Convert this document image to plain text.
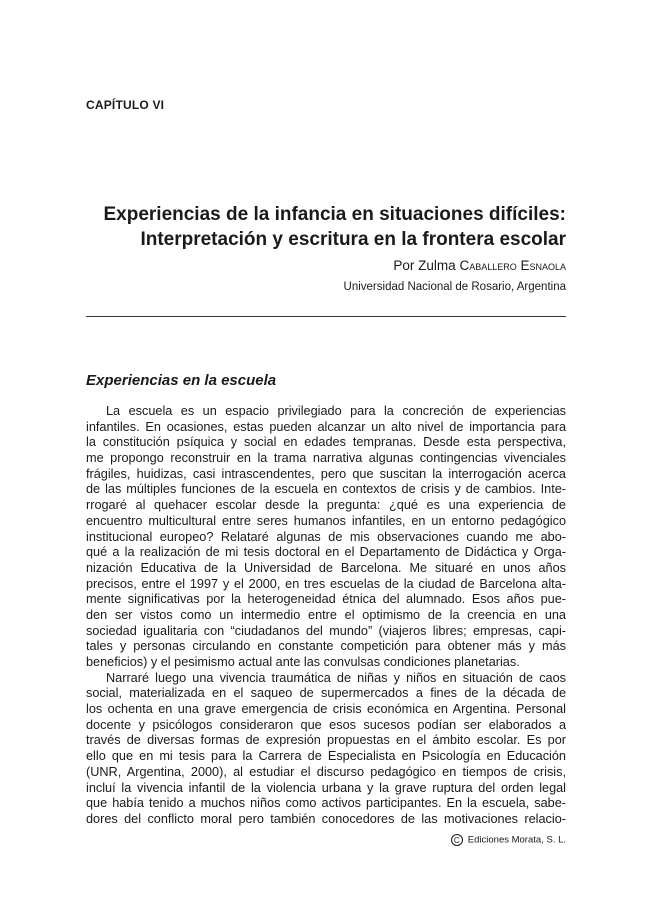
CAPÍTULO VI
Experiencias de la infancia en situaciones difíciles:
Interpretación y escritura en la frontera escolar
Por Zulma Caballero Esnaola
Universidad Nacional de Rosario, Argentina
Experiencias en la escuela
La escuela es un espacio privilegiado para la concreción de experiencias
infantiles. En ocasiones, estas pueden alcanzar un alto nivel de importancia para
la constitución psíquica y social en edades tempranas. Desde esta perspectiva,
me propongo reconstruir en la trama narrativa algunas contingencias vivenciales
frágiles, huidizas, casi intrascendentes, pero que suscitan la interrogación acerca
de las múltiples funciones de la escuela en contextos de crisis y de cambios. Inte-
rrogaré al quehacer escolar desde la pregunta: ¿qué es una experiencia de
encuentro multicultural entre seres humanos infantiles, en un entorno pedagógico
institucional europeo? Relataré algunas de mis observaciones cuando me abo-
qué a la realización de mi tesis doctoral en el Departamento de Didáctica y Orga-
nización Educativa de la Universidad de Barcelona. Me situaré en unos años
precisos, entre el 1997 y el 2000, en tres escuelas de la ciudad de Barcelona alta-
mente significativas por la heterogeneidad étnica del alumnado. Esos años pue-
den ser vistos como un intermedio entre el optimismo de la creencia en una
sociedad igualitaria con “ciudadanos del mundo” (viajeros libres; empresas, capi-
tales y personas circulando en constante competición para obtener más y más
beneficios) y el pesimismo actual ante las convulsas condiciones planetarias.
Narraré luego una vivencia traumática de niñas y niños en situación de caos
social, materializada en el saqueo de supermercados a fines de la década de
los ochenta en una grave emergencia de crisis económica en Argentina. Personal
docente y psicólogos consideraron que esos sucesos podían ser elaborados a
través de diversas formas de expresión propuestas en el ámbito escolar. Es por
ello que en mi tesis para la Carrera de Especialista en Psicología en Educación
(UNR, Argentina, 2000), al estudiar el discurso pedagógico en tiempos de crisis,
incluí la vivencia infantil de la violencia urbana y la grave ruptura del orden legal
que había tenido a muchos niños como activos participantes. En la escuela, sabe-
dores del conflicto moral pero también conocedores de las motivaciones relacio-
C Ediciones Morata, S. L.
